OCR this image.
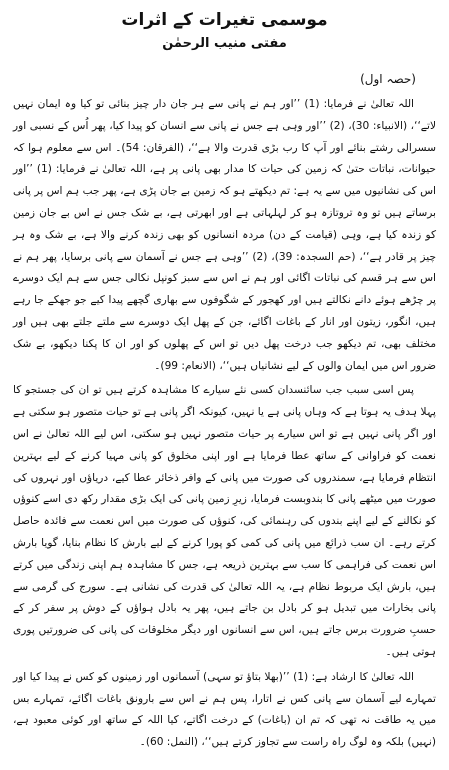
موسمی تغیرات کے اثرات
مفتی منیب الرحمٰن
(حصہ اول)

اللہ تعالیٰ نے فرمایا: (1) ’’اور ہم نے پانی سے ہر جان دار چیز بنائی تو کیا وہ ایمان نہیں لاتے‘‘، (الانبیاء: 30)، (2) ’’اور وہی ہے جس نے پانی سے انسان کو پیدا کیا، پھر اُس کے نسبی اور سسرالی رشتے بنائے اور آپ کا رب بڑی قدرت والا ہے‘‘، (الفرقان: 54)۔ اس سے معلوم ہوا کہ حیوانات، نباتات حتیٰ کہ زمین کی حیات کا مدار بھی پانی پر ہے، اللہ تعالیٰ نے فرمایا: (1) ’’اور اس کی نشانیوں میں سے یہ ہے: تم دیکھتے ہو کہ زمین بے جان پڑی ہے، پھر جب ہم اس پر پانی برساتے ہیں تو وہ تروتازہ ہو کر لہلہاتی ہے اور ابھرتی ہے، بے شک جس نے اس بے جان زمین کو زندہ کیا ہے، وہی (قیامت کے دن) مردہ انسانوں کو بھی زندہ کرنے والا ہے، بے شک وہ ہر چیز پر قادر ہے‘‘، (حم السجدہ: 39)، (2) ’’وہی ہے جس نے آسمان سے پانی برسایا، پھر ہم نے اس سے ہر قسم کی نباتات اگائی اور ہم نے اس سے سبز کونپل نکالی جس سے ہم ایک دوسرے پر چڑھے ہوئے دانے نکالتے ہیں اور کھجور کے شگوفوں سے بھاری گچھے پیدا کیے جو جھکے جا رہے ہیں، انگور، زیتون اور انار کے باغات اگائے، جن کے پھل ایک دوسرے سے ملتے جلتے بھی ہیں اور مختلف بھی، تم دیکھو جب درخت پھل دیں تو اس کے پھلوں کو اور ان کا پکنا دیکھو، بے شک ضرور اس میں ایمان والوں کے لیے نشانیاں ہیں‘‘، (الانعام: 99)۔

پس اسی سبب جب سائنسدان کسی نئے سیارے کا مشاہدہ کرتے ہیں تو ان کی جستجو کا پہلا ہدف یہ ہوتا ہے کہ وہاں پانی ہے یا نہیں، کیونکہ اگر پانی ہے تو حیات متصور ہو سکتی ہے اور اگر پانی نہیں ہے تو اس سیارے پر حیات متصور نہیں ہو سکتی، اس لیے اللہ تعالیٰ نے اس نعمت کو فراوانی کے ساتھ عطا فرمایا ہے اور اپنی مخلوق کو پانی مہیا کرنے کے لیے بہترین انتظام فرمایا ہے، سمندروں کی صورت میں پانی کے وافر ذخائر عطا کیے، دریاؤں اور نہروں کی صورت میں میٹھے پانی کا بندوبست فرمایا، زیرِ زمین پانی کی ایک بڑی مقدار رکھ دی اسے کنوؤں کو نکالنے کے لیے اپنے بندوں کی رہنمائی کی، کنوؤں کی صورت میں اس نعمت سے فائدہ حاصل کرتے رہے۔ ان سب ذرائع میں پانی کی کمی کو پورا کرنے کے لیے بارش کا نظام بنایا، گویا بارش اس نعمت کی فراہمی کا سب سے بہترین ذریعہ ہے، جس کا مشاہدہ ہم اپنی زندگی میں کرتے ہیں، بارش ایک مربوط نظام ہے، یہ اللہ تعالیٰ کی قدرت کی نشانی ہے۔ سورج کی گرمی سے پانی بخارات میں تبدیل ہو کر بادل بن جاتے ہیں، پھر یہ بادل ہواؤں کے دوش پر سفر کر کے حسبِ ضرورت برس جاتے ہیں، اس سے انسانوں اور دیگر مخلوقات کی پانی کی ضرورتیں پوری ہوتی ہیں۔

اللہ تعالیٰ کا ارشاد ہے: (1) ’’(بھلا بتاؤ تو سہی) آسمانوں اور زمینوں کو کس نے پیدا کیا اور تمہارے لیے آسمان سے پانی کس نے اتارا، پس ہم نے اس سے بارونق باغات اگائے، تمہارے بس میں یہ طاقت نہ تھی کہ تم ان (باغات) کے درخت اگاتے، کیا اللہ کے ساتھ اور کوئی معبود ہے، (نہیں) بلکہ وہ لوگ راہ راست سے تجاوز کرتے ہیں‘‘، (النمل: 60)۔
